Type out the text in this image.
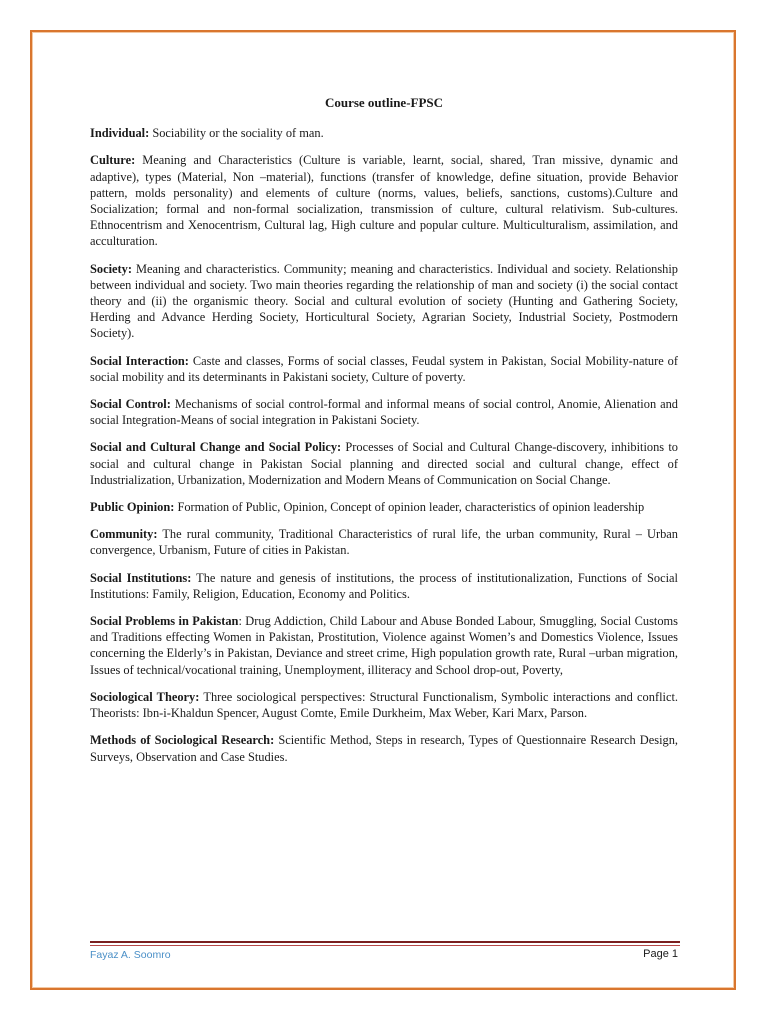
Course outline-FPSC

Individual: Sociability or the sociality of man.

Culture: Meaning and Characteristics (Culture is variable, learnt, social, shared, Tran missive, dynamic and adaptive), types (Material, Non –material), functions (transfer of knowledge, define situation, provide Behavior pattern, molds personality) and elements of culture (norms, values, beliefs, sanctions, customs).Culture and Socialization; formal and non-formal socialization, transmission of culture, cultural relativism. Sub-cultures. Ethnocentrism and Xenocentrism, Cultural lag, High culture and popular culture. Multiculturalism, assimilation, and acculturation.

Society: Meaning and characteristics. Community; meaning and characteristics. Individual and society. Relationship between individual and society. Two main theories regarding the relationship of man and society (i) the social contact theory and (ii) the organismic theory. Social and cultural evolution of society (Hunting and Gathering Society, Herding and Advance Herding Society, Horticultural Society, Agrarian Society, Industrial Society, Postmodern Society).

Social Interaction: Caste and classes, Forms of social classes, Feudal system in Pakistan, Social Mobility-nature of social mobility and its determinants in Pakistani society, Culture of poverty.

Social Control: Mechanisms of social control-formal and informal means of social control, Anomie, Alienation and social Integration-Means of social integration in Pakistani Society.

Social and Cultural Change and Social Policy: Processes of Social and Cultural Change-discovery, inhibitions to social and cultural change in Pakistan Social planning and directed social and cultural change, effect of Industrialization, Urbanization, Modernization and Modern Means of Communication on Social Change.

Public Opinion: Formation of Public, Opinion, Concept of opinion leader, characteristics of opinion leadership

Community: The rural community, Traditional Characteristics of rural life, the urban community, Rural – Urban convergence, Urbanism, Future of cities in Pakistan.

Social Institutions: The nature and genesis of institutions, the process of institutionalization, Functions of Social Institutions: Family, Religion, Education, Economy and Politics.

Social Problems in Pakistan: Drug Addiction, Child Labour and Abuse Bonded Labour, Smuggling, Social Customs and Traditions effecting Women in Pakistan, Prostitution, Violence against Women’s and Domestics Violence, Issues concerning the Elderly’s in Pakistan, Deviance and street crime, High population growth rate, Rural –urban migration, Issues of technical/vocational training, Unemployment, illiteracy and School drop-out, Poverty,

Sociological Theory: Three sociological perspectives: Structural Functionalism, Symbolic interactions and conflict. Theorists: Ibn-i-Khaldun Spencer, August Comte, Emile Durkheim, Max Weber, Kari Marx, Parson.

Methods of Sociological Research: Scientific Method, Steps in research, Types of Questionnaire Research Design, Surveys, Observation and Case Studies.

Fayaz A. Soomro	Page 1
